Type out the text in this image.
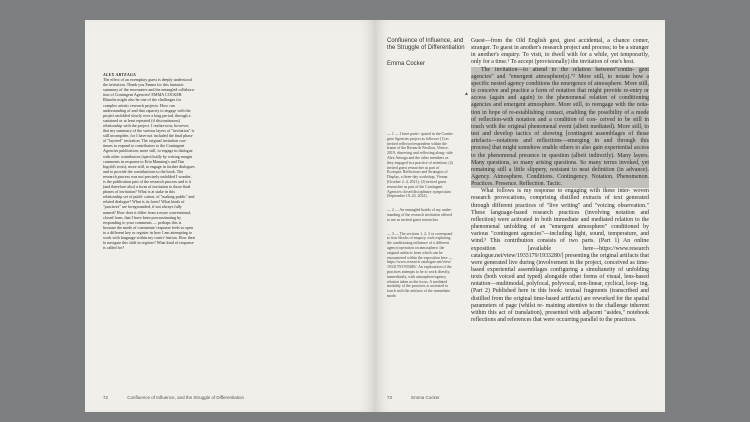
ALEX ARTEAGA

The effect of an exemplary guest is deeply understood the invitation. Thank you Emma for this fantastic summary of the encounters and the entangled collabora- tion of Contingent Agencies! EMMA COCKER Blanche might also be one of the challenges for complex artistic research projects: How can understanding of and that capacity to engage with the project unfolded slowly over a long period, through a sustained or at least repeated (if discontinuous) relationship with the project. I realize now, however, that my summary of the various layers of "invitation" is still incomplete, for I have not included the final phase of "layered" invitation. The original invitation con- tinues to expand to contributors to the Contingent Agencies publication; more still, to engage in dialogue with other contributors (specifically by writing margin comments in response to Erin Manning's and Tim Ingold's texts); more still, to engage in further dialogues and to provide the contributions to the book. The research process was not precisely unfolded I wonder, is the publication part of the research process and is it (and therefore also) a form of invitation to those final phases of invitation? What is at stake in this relationship set of publi- cation, of "making public" and related dialogue? What is its form? What kinds of "practices" are foregrounded, if not always fully named? How does it differ from a more conventional, closed form, that I have been procrastinating by responding to your comments — perhaps this is because the mode of comments/ response feels so open to a different key or register in how I am attempting to work with language within my contri- bution. How then to navigate this shift in register? What kind of response is called for?

72	Confluence of Influence, and the Struggle of Differentiation
Confluence of Influence, and the Struggle of Differentiation
Emma Cocker

— 1 — I have partic- ipated in the Contin- gent Agencies project as follower (1) as invited reflector/respondent within the frame of the Research Pavilion, Venice, 2019, observing and reflecting along- side Alex Arteaga and the other members as they engaged in a practice of attention; (2) invited guest researcher as part of Ecotopia: Reflections and Strategies of Display, a three-day workshop, Vienna (October 2–4, 2021); (3) invited guest researcher as part of the Contingent Agencies closed disciplinary symposium (September 19–23, 2022).

— 2 — An entangled braids of my under- standing of the research invitation offered to me as invited guest researcher.

— 3 — The sections 1, 2, 3 or correspond to four blocks of enquiry, each exploring the conditioning influence of a different agency/operation on atmosphere, the original artifacts from which can be encountered within the exposition here — https://www.research catalogue.net/view/ 1933179/1933280/. An exploration of the practices attempts to be to work directly, immediately, with atmosphere/agency relation taken as the focus. A mediated modality of the practices is activated to touch with the artifacts of the immediate mode.

▲

Guest—from the Old English gest, giest accidental, a chance comer, stranger. To guest in another's research project and process; to be a stranger in another's enquiry. To visit, to dwell with for a while, yet temporarily, only for a time.¹ To accept (provisionally) the invitation of one's host.

The invitation—to attend to the relation between"contin- gent agencies" and "emergent atmosphere(s)."² More still, to notate how a specific nested agency conditions the emergence of atmosphere. More still, to conceive and practice a form of notation that might provide re-entry or access (again and again) to the phenomenal relation of conditioning agencies and emergent atmosphere. More still, to reengage with the nota- tion in hope of re-establishing contact, enabling the possibility of a mode of reflection-with notation and a condition of con- ceived to be still in touch with the original phenomenal event (albeit mediated). More still, to test and develop tactics of showing [contingent assemblages of those artefacts—notations and reflections—emerging in and through this process] that might somehow enable others to also gain experiential access to the phenomenal presence in question (albeit indirectly). Many layers. Many questions, so many arising questions. So many terms invoked, yet remaining still a little slippery, resistant to neat definition (in advance). Agency. Atmosphere. Conditions. Contingency. Notation. Phenomenon. Practices. Presence. Reflection. Tactic.

What follows is my response to engaging with these inter- woven research provocations, comprising distilled extracts of text generated through different practices of "live writing" and "voicing observation." These language-based research practices (involving notation and reflection) were activated in both immediate and mediated relation to the phenomenal unfolding of an "emergent atmosphere" conditioned by various "contingent agencies"—including light, sound, temperature, and wind.³ This contribution consists of two parts. (Part 1) An online exposition [available here—https://www.research catalogue.net/view/1933179/1933280/] presenting the original artifacts that were generated live during (involvement in the project, conceived as time-based experiential assemblages configuring a simultaneity of unfolding texts (both voiced and typed) alongside other forms of visual, lens-based notation—multimodal, polyfocal, polyvocal, non-linear, cyclical, loop- ing. (Part 2) Published here in this book: textual fragments (transcribed and distilled from the original time-based artifacts) are reworked for the spatial parameters of page (whilst re- maining attentive to the challenge inherent within this act of translation), presented with adjacent "asides," notebook reflections and references that were occurring parallel to the practices.

73	Emma Cocker
